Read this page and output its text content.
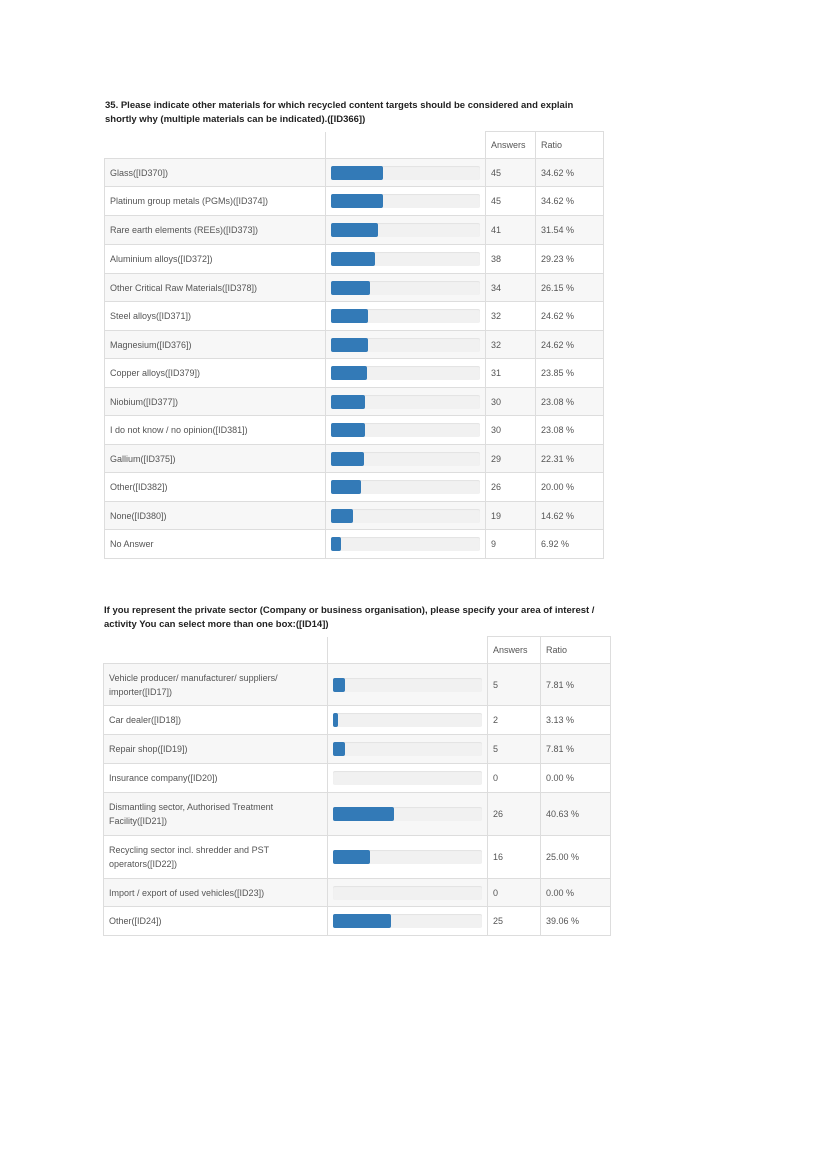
35. Please indicate other materials for which recycled content targets should be considered and explain shortly why (multiple materials can be indicated).([ID366])
		Answers	Ratio
Glass([ID370])		45	34.62 %
Platinum group metals (PGMs)([ID374])		45	34.62 %
Rare earth elements (REEs)([ID373])		41	31.54 %
Aluminium alloys([ID372])		38	29.23 %
Other Critical Raw Materials([ID378])		34	26.15 %
Steel alloys([ID371])		32	24.62 %
Magnesium([ID376])		32	24.62 %
Copper alloys([ID379])		31	23.85 %
Niobium([ID377])		30	23.08 %
I do not know / no opinion([ID381])		30	23.08 %
Gallium([ID375])		29	22.31 %
Other([ID382])		26	20.00 %
None([ID380])		19	14.62 %
No Answer		9	6.92 %
If you represent the private sector (Company or business organisation), please specify your area of interest / activity You can select more than one box:([ID14])
		Answers	Ratio
Vehicle producer/ manufacturer/ suppliers/ importer([ID17])		5	7.81 %
Car dealer([ID18])		2	3.13 %
Repair shop([ID19])		5	7.81 %
Insurance company([ID20])		0	0.00 %
Dismantling sector, Authorised Treatment Facility([ID21])		26	40.63 %
Recycling sector incl. shredder and PST operators([ID22])		16	25.00 %
Import / export of used vehicles([ID23])		0	0.00 %
Other([ID24])		25	39.06 %
